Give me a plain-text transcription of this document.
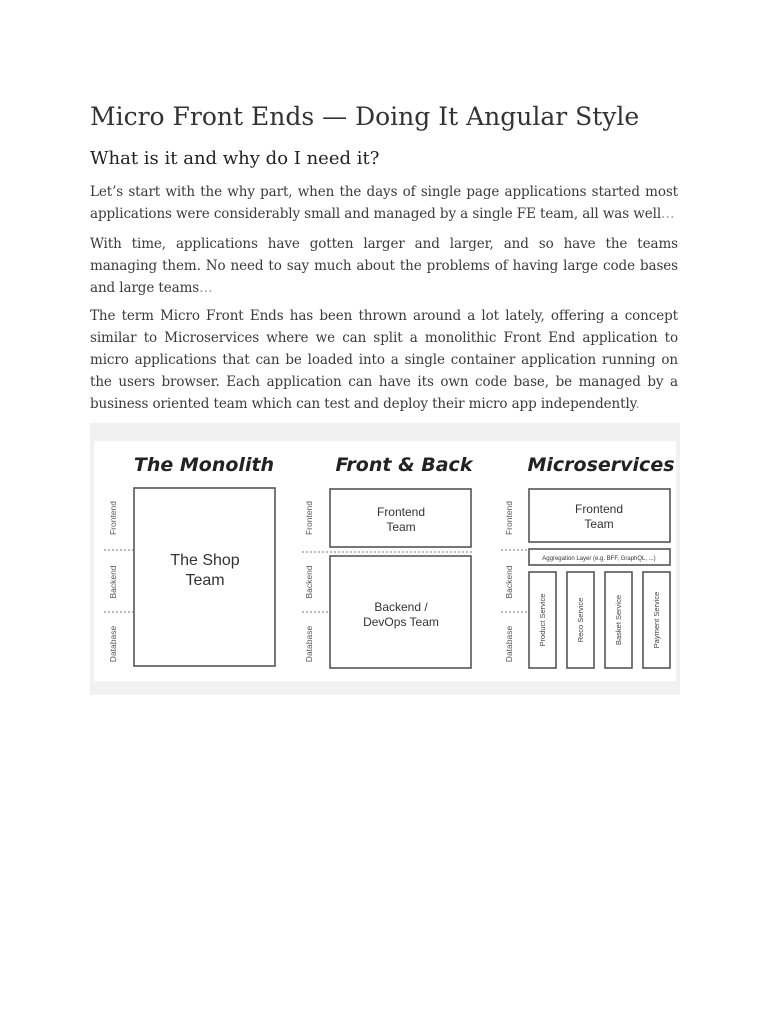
Micro Front Ends — Doing It Angular Style
What is it and why do I need it?

Let’s start with the why part, when the days of single page applications started most applications were considerably small and managed by a single FE team, all was well…

With time, applications have gotten larger and larger, and so have the teams managing them. No need to say much about the problems of having large code bases and large teams…

The term Micro Front Ends has been thrown around a lot lately, offering a concept similar to Microservices where we can split a monolithic Front End application to micro applications that can be loaded into a single container application running on the users browser. Each application can have its own code base, be managed by a business oriented team which can test and deploy their micro app independently.

The Monolith	Front & Back	Microservices
Frontend
Backend
Database
Frontend
Backend
Database
Frontend
Backend
Database
The Shop
Team
Frontend
Team
Backend /
DevOps Team
Frontend
Team
Aggregation Layer (e.g. BFF, GraphQL, ...)
Product Service	Reco Service	Basket Service	Payment Service
